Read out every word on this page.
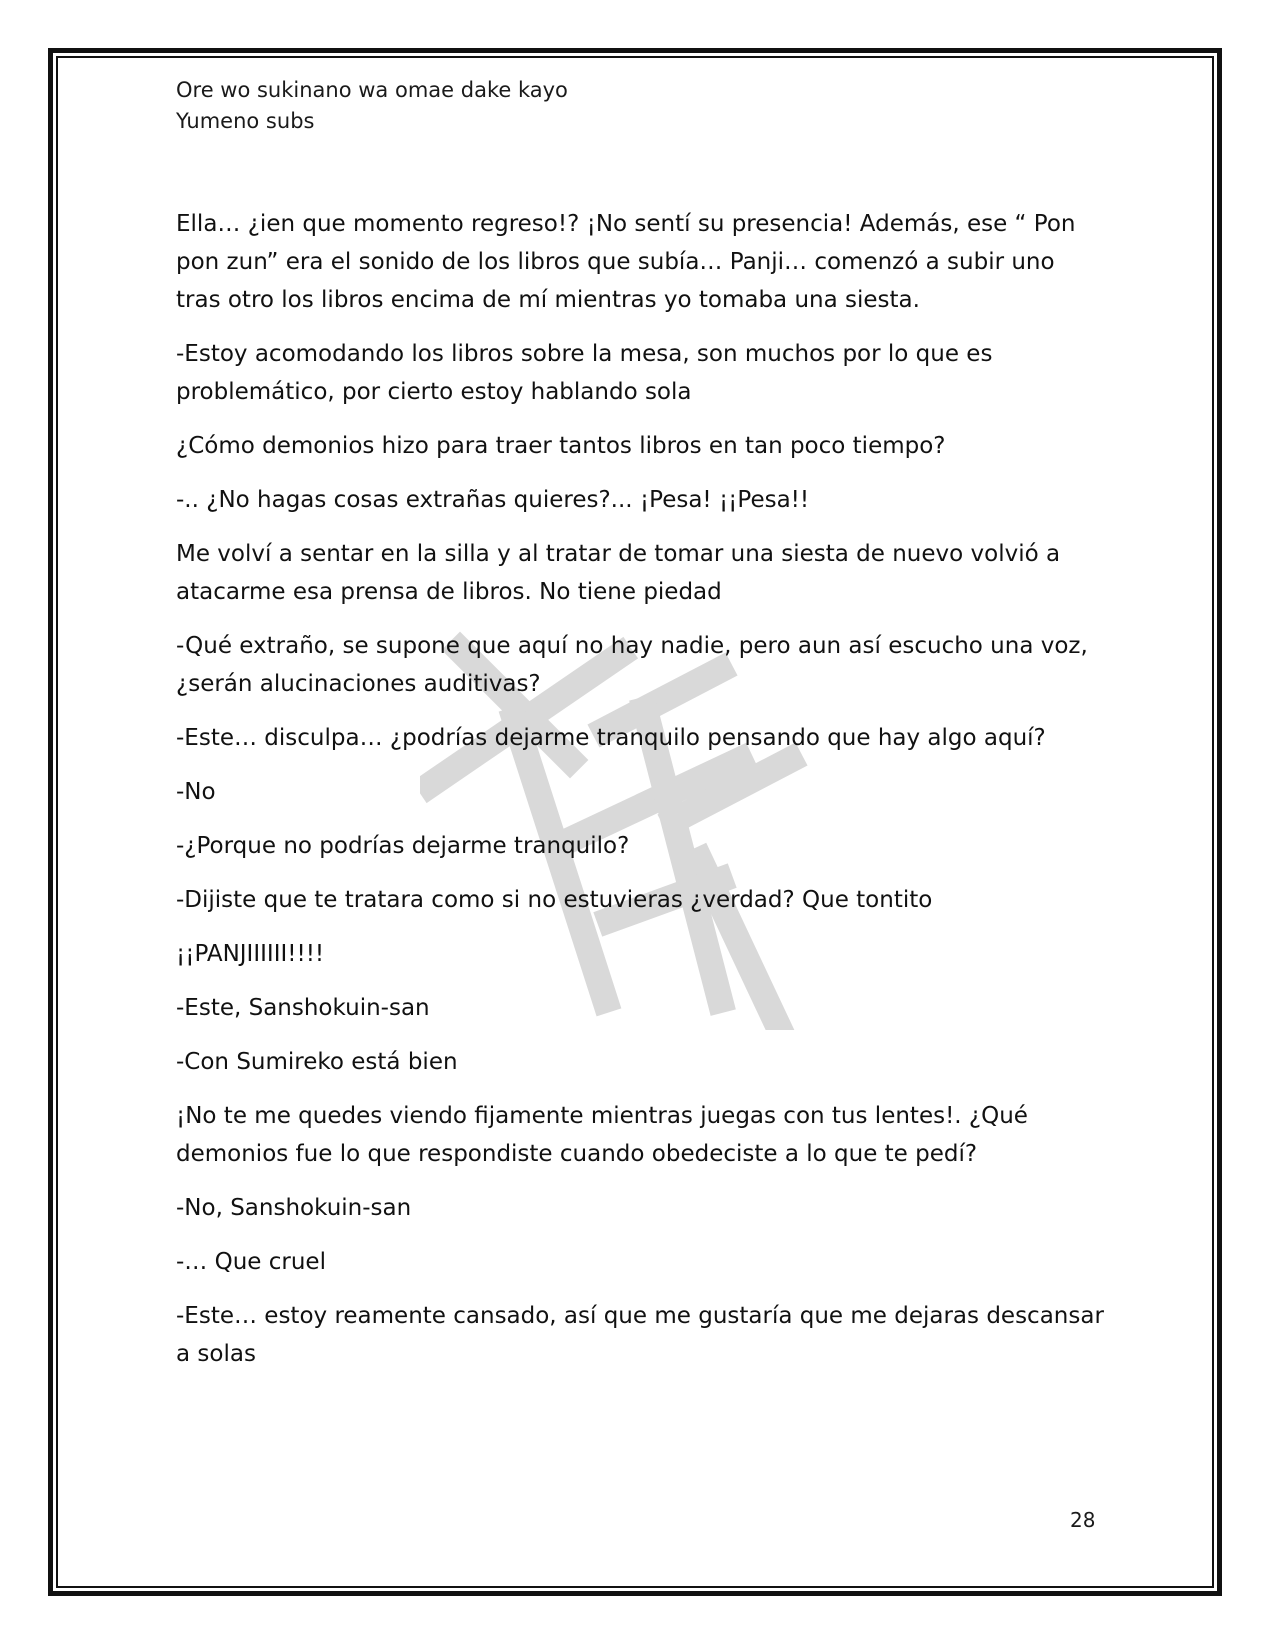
Ore wo sukinano wa omae dake kayo
Yumeno subs

Ella… ¿ien que momento regreso!? ¡No sentí su presencia! Además, ese “ Pon pon zun” era el sonido de los libros que subía… Panji… comenzó a subir uno tras otro los libros encima de mí mientras yo tomaba una siesta.

-Estoy acomodando los libros sobre la mesa, son muchos por lo que es problemático, por cierto estoy hablando sola

¿Cómo demonios hizo para traer tantos libros en tan poco tiempo?

-.. ¿No hagas cosas extrañas quieres?... ¡Pesa! ¡¡Pesa!!

Me volví a sentar en la silla y al tratar de tomar una siesta de nuevo volvió a atacarme esa prensa de libros. No tiene piedad

-Qué extraño, se supone que aquí no hay nadie, pero aun así escucho una voz, ¿serán alucinaciones auditivas?

-Este… disculpa… ¿podrías dejarme tranquilo pensando que hay algo aquí?

-No

-¿Porque no podrías dejarme tranquilo?

-Dijiste que te tratara como si no estuvieras ¿verdad? Que tontito

¡¡PANJIIIIII!!!!

-Este, Sanshokuin-san

-Con Sumireko está bien

¡No te me quedes viendo fijamente mientras juegas con tus lentes!. ¿Qué demonios fue lo que respondiste cuando obedeciste a lo que te pedí?

-No, Sanshokuin-san

-… Que cruel

-Este… estoy reamente cansado, así que me gustaría que me dejaras descansar a solas

28
